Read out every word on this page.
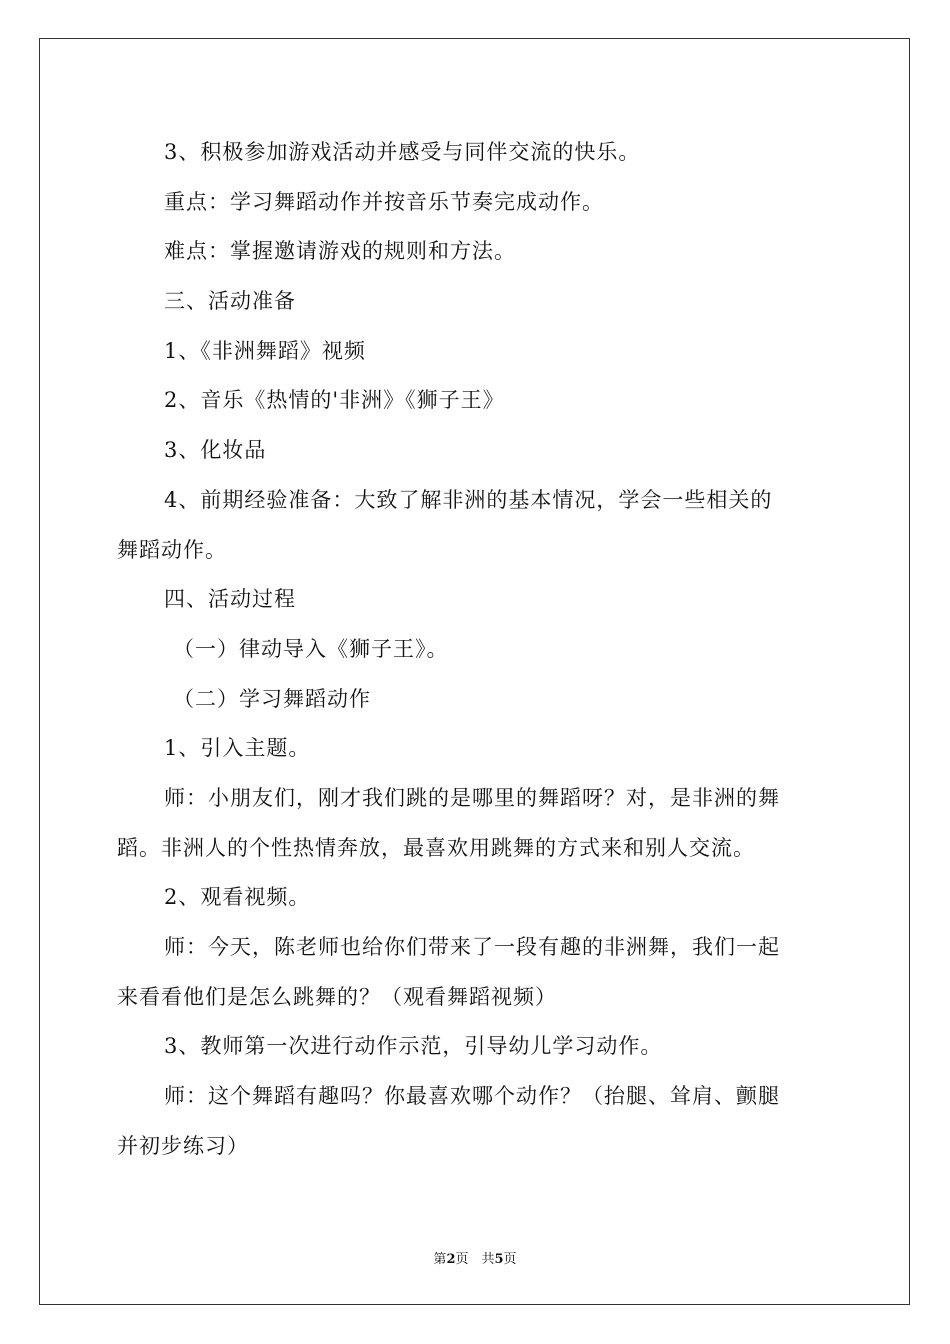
3、积极参加游戏活动并感受与同伴交流的快乐。
重点：学习舞蹈动作并按音乐节奏完成动作。
难点：掌握邀请游戏的规则和方法。
三、活动准备
1、《非洲舞蹈》视频
2、音乐《热情的'非洲》《狮子王》
3、化妆品
4、前期经验准备：大致了解非洲的基本情况，学会一些相关的
舞蹈动作。
四、活动过程
（一）律动导入《狮子王》。
（二）学习舞蹈动作
1、引入主题。
师：小朋友们，刚才我们跳的是哪里的舞蹈呀？对，是非洲的舞
蹈。非洲人的个性热情奔放，最喜欢用跳舞的方式来和别人交流。
2、观看视频。
师：今天，陈老师也给你们带来了一段有趣的非洲舞，我们一起
来看看他们是怎么跳舞的？（观看舞蹈视频）
3、教师第一次进行动作示范，引导幼儿学习动作。
师：这个舞蹈有趣吗？你最喜欢哪个动作？（抬腿、耸肩、颤腿
并初步练习）
第2页　共5页
